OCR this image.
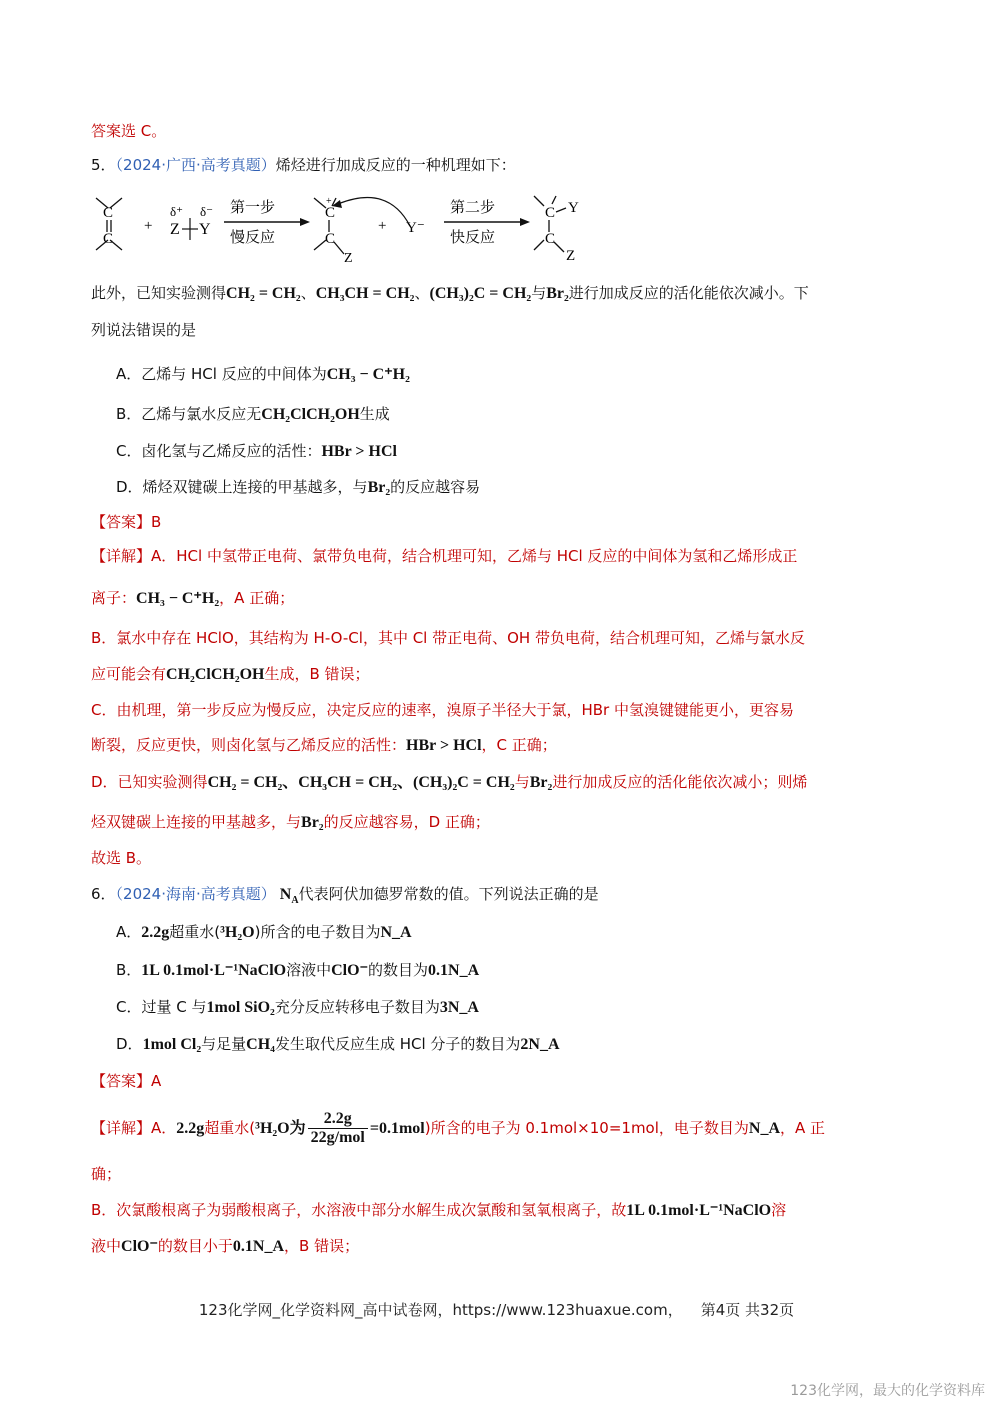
答案选 C。
5．（2024·广西·高考真题）烯烃进行加成反应的一种机理如下：
C
C
+
δ⁺ δ⁻
Z Y
第一步
慢反应
C
+
C
Z
+ Y⁻
第二步
快反应
C Y
C
Z
此外，已知实验测得CH₂ = CH₂、CH₃CH = CH₂、(CH₃)₂C = CH₂与Br₂进行加成反应的活化能依次减小。下
列说法错误的是
A．乙烯与 HCl 反应的中间体为CH₃ − C⁺H₂
B．乙烯与氯水反应无CH₂ClCH₂OH生成
C．卤化氢与乙烯反应的活性：HBr > HCl
D．烯烃双键碳上连接的甲基越多，与Br₂的反应越容易
【答案】B
【详解】A．HCl 中氢带正电荷、氯带负电荷，结合机理可知，乙烯与 HCl 反应的中间体为氢和乙烯形成正
离子：CH₃ − C⁺H₂，A 正确；
B．氯水中存在 HClO，其结构为 H-O-Cl，其中 Cl 带正电荷、OH 带负电荷，结合机理可知，乙烯与氯水反
应可能会有CH₂ClCH₂OH生成，B 错误；
C．由机理，第一步反应为慢反应，决定反应的速率，溴原子半径大于氯，HBr 中氢溴键键能更小，更容易
断裂，反应更快，则卤化氢与乙烯反应的活性：HBr > HCl，C 正确；
D．已知实验测得CH₂ = CH₂、CH₃CH = CH₂、(CH₃)₂C = CH₂与Br₂进行加成反应的活化能依次减小；则烯
烃双键碳上连接的甲基越多，与Br₂的反应越容易，D 正确；
故选 B。
6．（2024·海南·高考真题） $N_A$代表阿伏加德罗常数的值。下列说法正确的是
A．2.2g超重水(³H₂O)所含的电子数目为N_A
B．1L 0.1mol·L⁻¹NaClO溶液中ClO⁻的数目为0.1N_A
C．过量 C 与1mol SiO₂充分反应转移电子数目为3N_A
D．1mol Cl₂与足量CH₄发生取代反应生成 HCl 分子的数目为2N_A
【答案】A
【详解】A．2.2g超重水(³H₂O为 $\frac{2.2g}{\text{22g/mol}} =0.1mol$)所含的电子为 0.1mol×10=1mol，电子数目为N_A，A 正
确；
B．次氯酸根离子为弱酸根离子，水溶液中部分水解生成次氯酸和氢氧根离子，故1L 0.1mol·L⁻¹NaClO溶
液中ClO⁻的数目小于0.1N_A，B 错误；
123化学网_化学资料网_高中试卷网，https://www.123huaxue.com， 第4页 共32页
123化学网，最大的化学资料库
